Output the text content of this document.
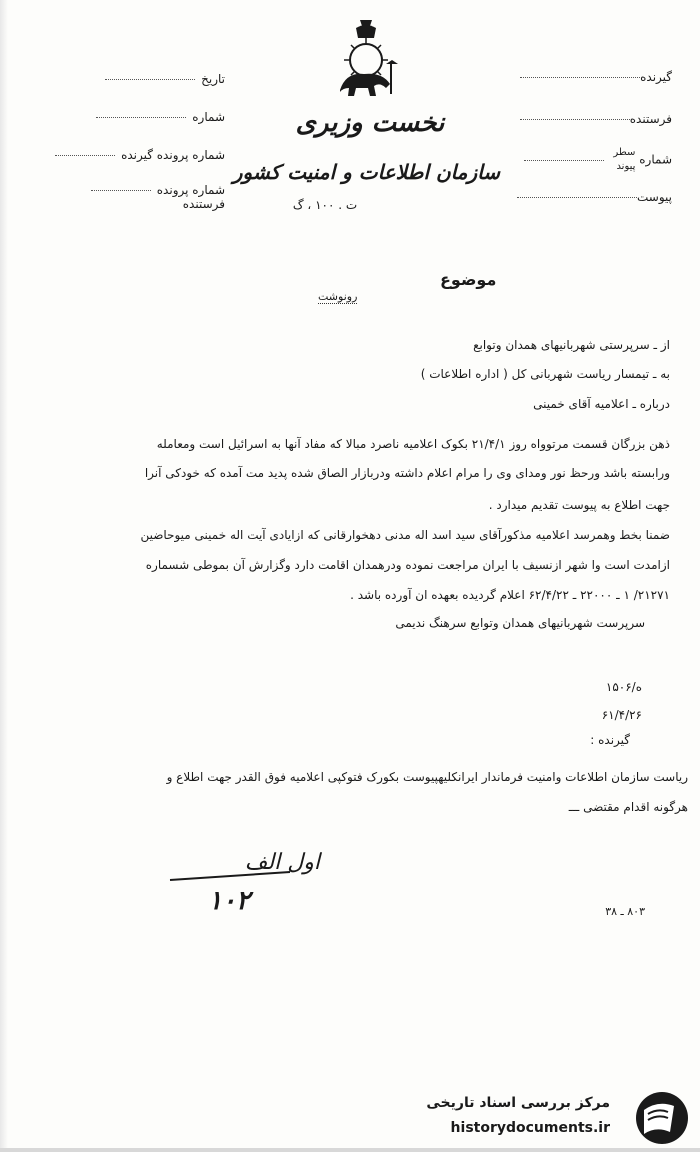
تاریخ
شماره
شماره پرونده گیرنده
شماره پرونده فرستنده
نخست وزیری
سازمان اطلاعات و امنیت کشور
ت . ۱۰۰ ، گ
گیرنده
فرستنده
سطر
پیوند شماره
پیوست
موضوع
رونوشت
از ـ سرپرستی شهربانیهای همدان وتوابع
به ـ تیمسار ریاست شهربانی کل ( اداره اطلاعات )
درباره ـ اعلامیه آقای خمینی
ذهن بزرگان قسمت مرتوواه روز ۲۱/۴/۱ بکوک اعلامیه ناصرد مبالا که مفاد آنها به اسرائیل است ومعامله
ورابسته باشد ورحظ نور ومدای وی را مرام اعلام داشته ودربازار الصاق شده پدید مت آمده که خودکی آنرا
جهت اطلاع به پیوست تقدیم میدارد .
ضمنا بخط وهمرسد اعلامیه مذکورآقای سید اسد اله مدنی دهخوارقانی که ازایادی آیت اله خمینی میوحاضین
ازامدت است وا شهر ازنسیف با ایران مراجعت نموده ودرهمدان اقامت دارد وگزارش آن بموطی شسماره
۲۱۲۷۱/ ۱ ـ ۲۲۰۰۰ ـ ۶۲/۴/۲۲ اعلام گردیده بعهده ان آورده باشد .
سرپرست شهربانیهای همدان وتوابع سرهنگ ندیمی
ه/۱۵۰۶
۶۱/۴/۲۶
گیرنده :
ریاست سازمان اطلاعات وامنیت فرماندار ایرانکلیهپیوست بکورک فتوکپی اعلامیه فوق القدر جهت اطلاع و
هرگونه اقدام مقتضی ـــ
اول الف
۱۰۲	۸۰۳ ـ ۳۸
مرکز بررسی اسناد تاریخی
historydocuments.ir
